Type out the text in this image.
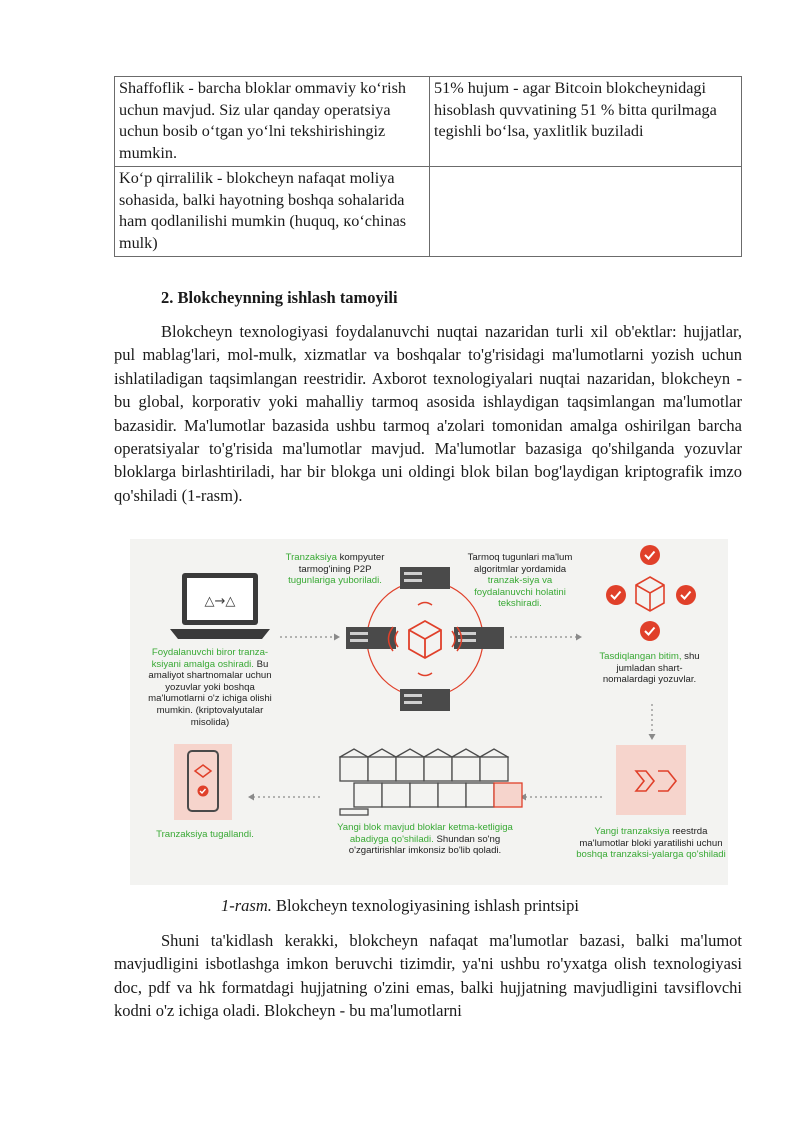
Shaffoflik - barcha bloklar ommaviy ko‘rish uchun mavjud. Siz ular qanday operatsiya uchun bosib o‘tgan yo‘lni tekshirishingiz mumkin.	51% hujum - agar Bitcoin blokcheynidagi hisoblash quvvatining 51 % bitta qurilmaga tegishli bo‘lsa, yaxlitlik buziladi
Ko‘p qirralilik - blokcheyn nafaqat moliya sohasida, balki hayotning boshqa sohalarida ham qodlanilishi mumkin (huquq, кo‘chinas mulk)	
2. Blokcheynning ishlash tamoyili

Blokcheyn texnologiyasi foydalanuvchi nuqtai nazaridan turli xil ob'ektlar: hujjatlar, pul mablag'lari, mol-mulk, xizmatlar va boshqalar to'g'risidagi ma'lumotlarni yozish uchun ishlatiladigan taqsimlangan reestridir. Axborot texnologiyalari nuqtai nazaridan, blokcheyn - bu global, korporativ yoki mahalliy tarmoq asosida ishlaydigan taqsimlangan ma'lumotlar bazasidir. Ma'lumotlar bazasida ushbu tarmoq a'zolari tomonidan amalga oshirilgan barcha operatsiyalar to'g'risida ma'lumotlar mavjud. Ma'lumotlar bazasiga qo'shilganda yozuvlar bloklarga birlashtiriladi, har bir blokga uni oldingi blok bilan bog'laydigan kriptografik imzo qo'shiladi (1-rasm).

△→△
Tranzaksiya kompyuter tarmog'ining P2P tugunlariga yuboriladi.
Tarmoq tugunlari ma'lum algoritmlar yordamida tranzak-siya va foydalanuvchi holatini tekshiradi.
Foydalanuvchi biror tranza-ksiyani amalga oshiradi. Bu amaliyot shartnomalar uchun yozuvlar yoki boshqa ma'lumotlarni o'z ichiga olishi mumkin. (kriptovalyutalar misolida)
Tasdiqlangan bitim, shu jumladan shart-nomalardagi yozuvlar.
Tranzaksiya tugallandi.
Yangi blok mavjud bloklar ketma-ketligiga abadiyga qo'shiladi. Shundan so'ng o'zgartirishlar imkonsiz bo'lib qoladi.
Yangi tranzaksiya reestrda ma'lumotlar bloki yaratilishi uchun boshqa tranzaksi-yalarga qo'shiladi
1-rasm. Blokcheyn texnologiyasining ishlash printsipi

Shuni ta'kidlash kerakki, blokcheyn nafaqat ma'lumotlar bazasi, balki ma'lumot mavjudligini isbotlashga imkon beruvchi tizimdir, ya'ni ushbu ro'yxatga olish texnologiyasi doc, pdf va hk formatdagi hujjatning o'zini emas, balki hujjatning mavjudligini tavsiflovchi kodni o'z ichiga oladi. Blokcheyn - bu ma'lumotlarni
